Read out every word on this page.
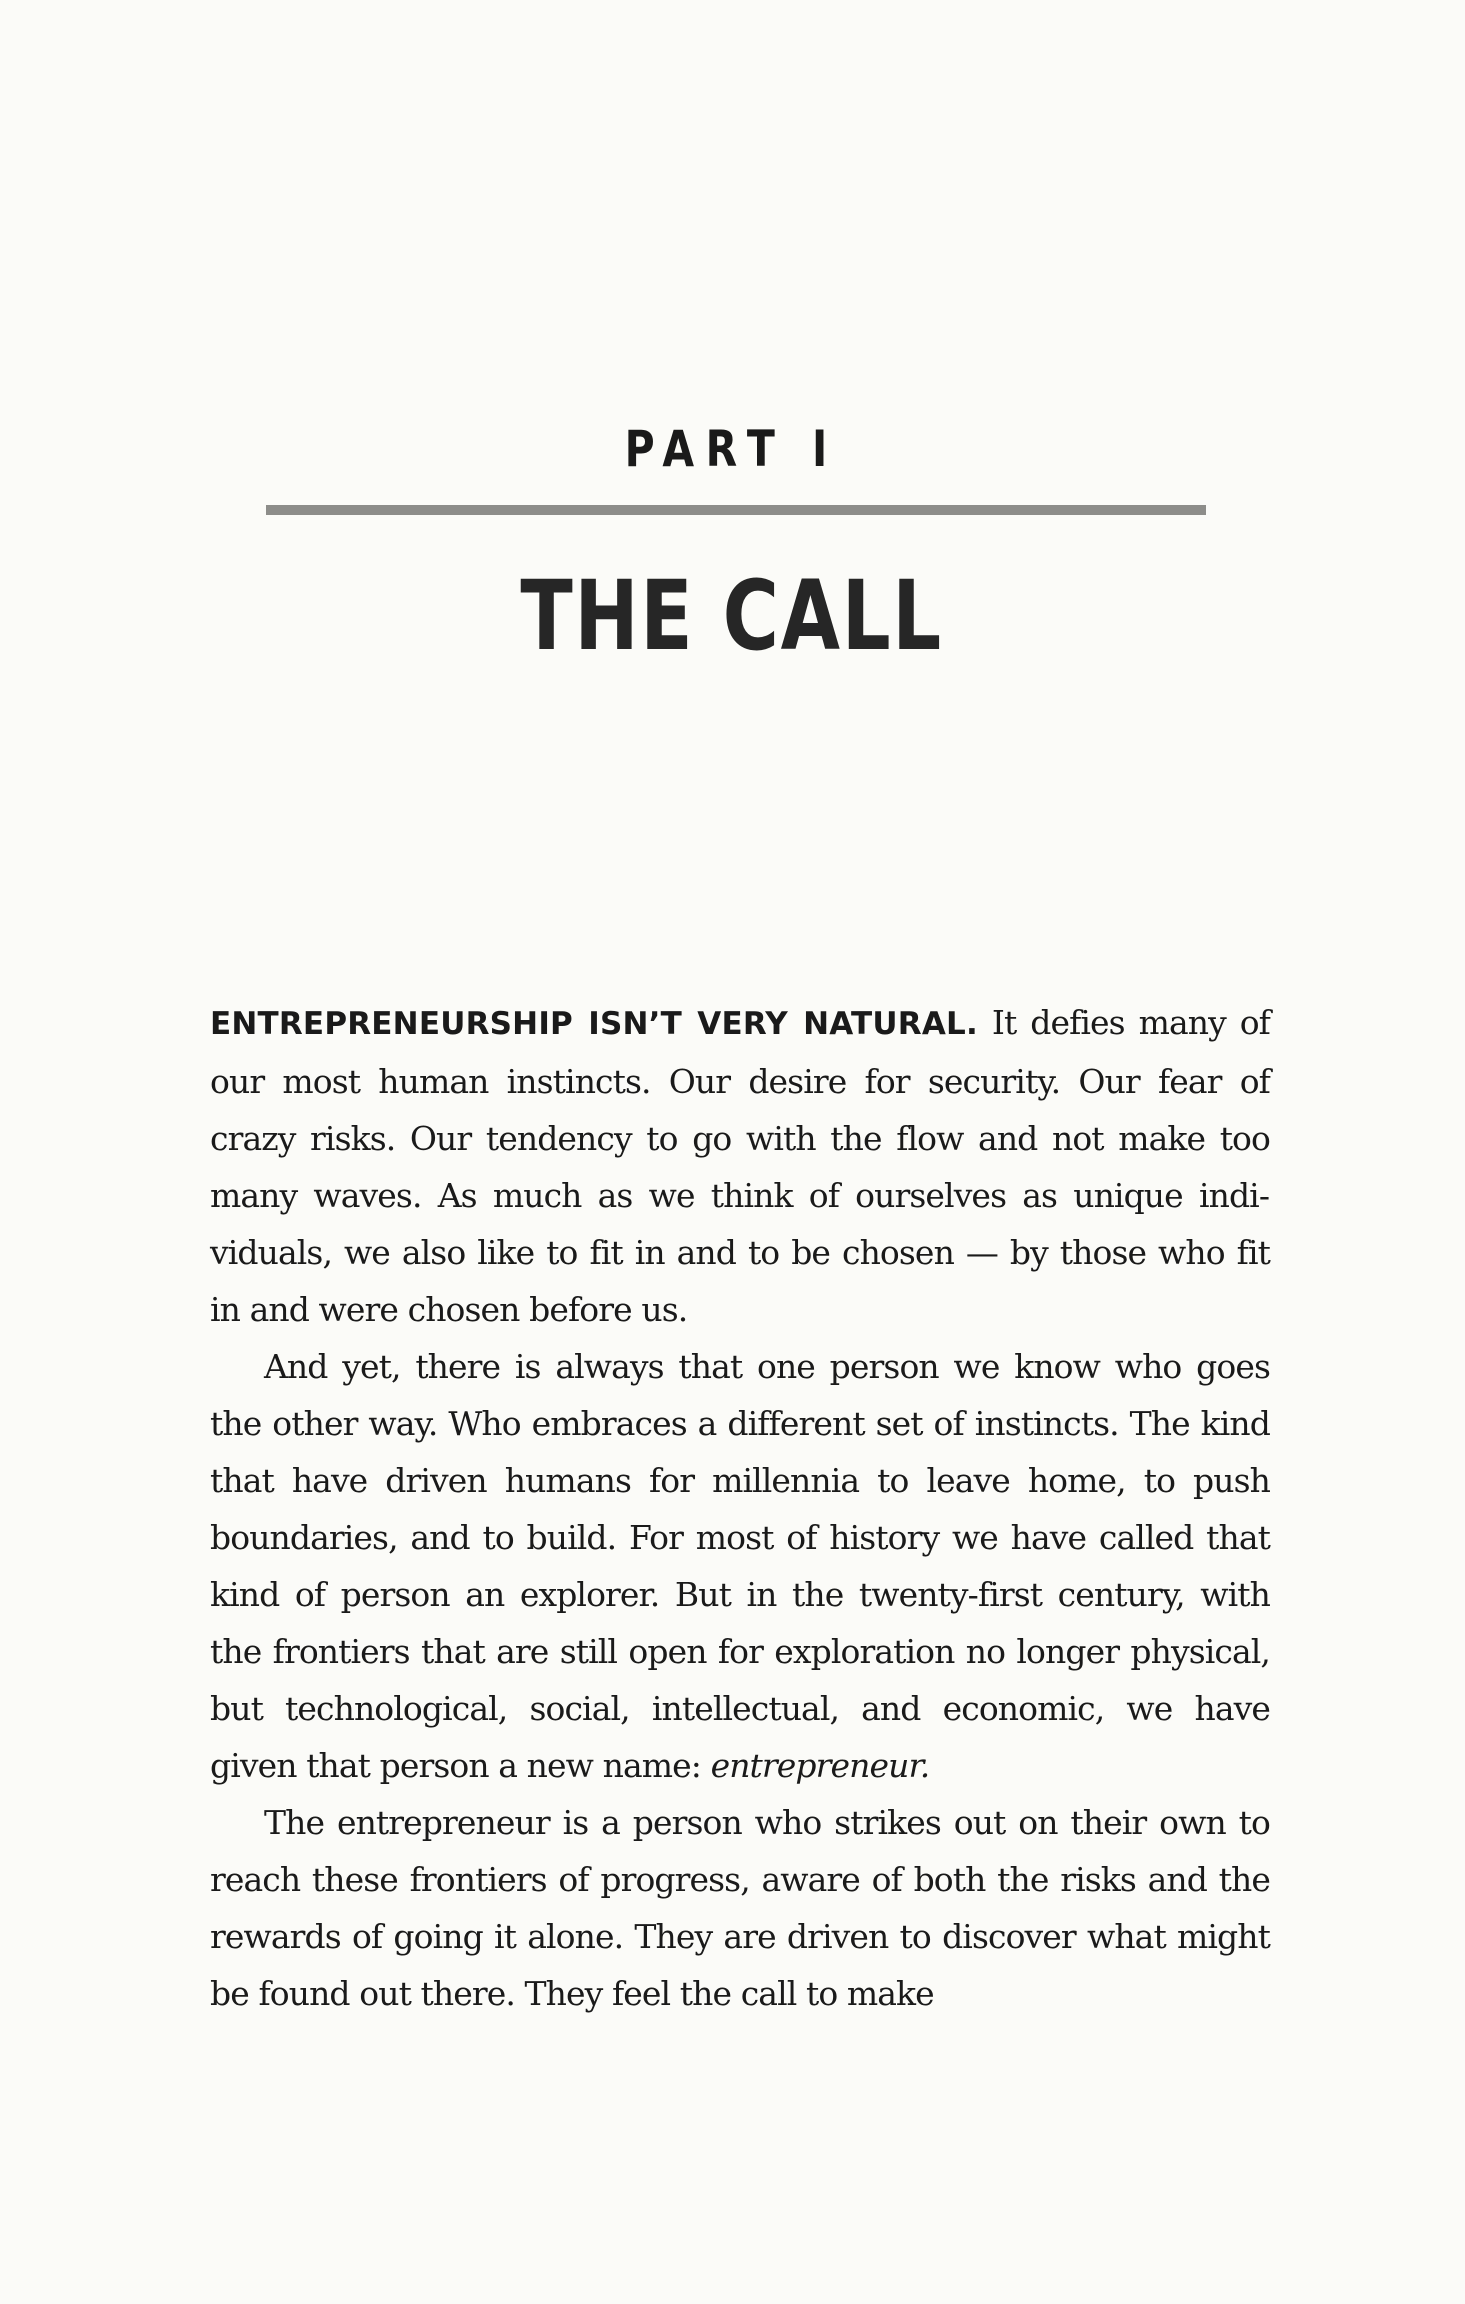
PART I
THE CALL

ENTREPRENEURSHIP ISN’T VERY NATURAL. It defies many of our most human instincts. Our desire for security. Our fear of crazy risks. Our tendency to go with the flow and not make too many waves. As much as we think of ourselves as unique individuals, we also like to fit in and to be chosen — by those who fit in and were chosen before us.

And yet, there is always that one person we know who goes the other way. Who embraces a different set of instincts. The kind that have driven humans for millennia to leave home, to push boundaries, and to build. For most of history we have called that kind of person an explorer. But in the twenty-first century, with the frontiers that are still open for exploration no longer physical, but technological, social, intellectual, and economic, we have given that person a new name: entrepreneur.

The entrepreneur is a person who strikes out on their own to reach these frontiers of progress, aware of both the risks and the rewards of going it alone. They are driven to discover what might be found out there. They feel the call to make
